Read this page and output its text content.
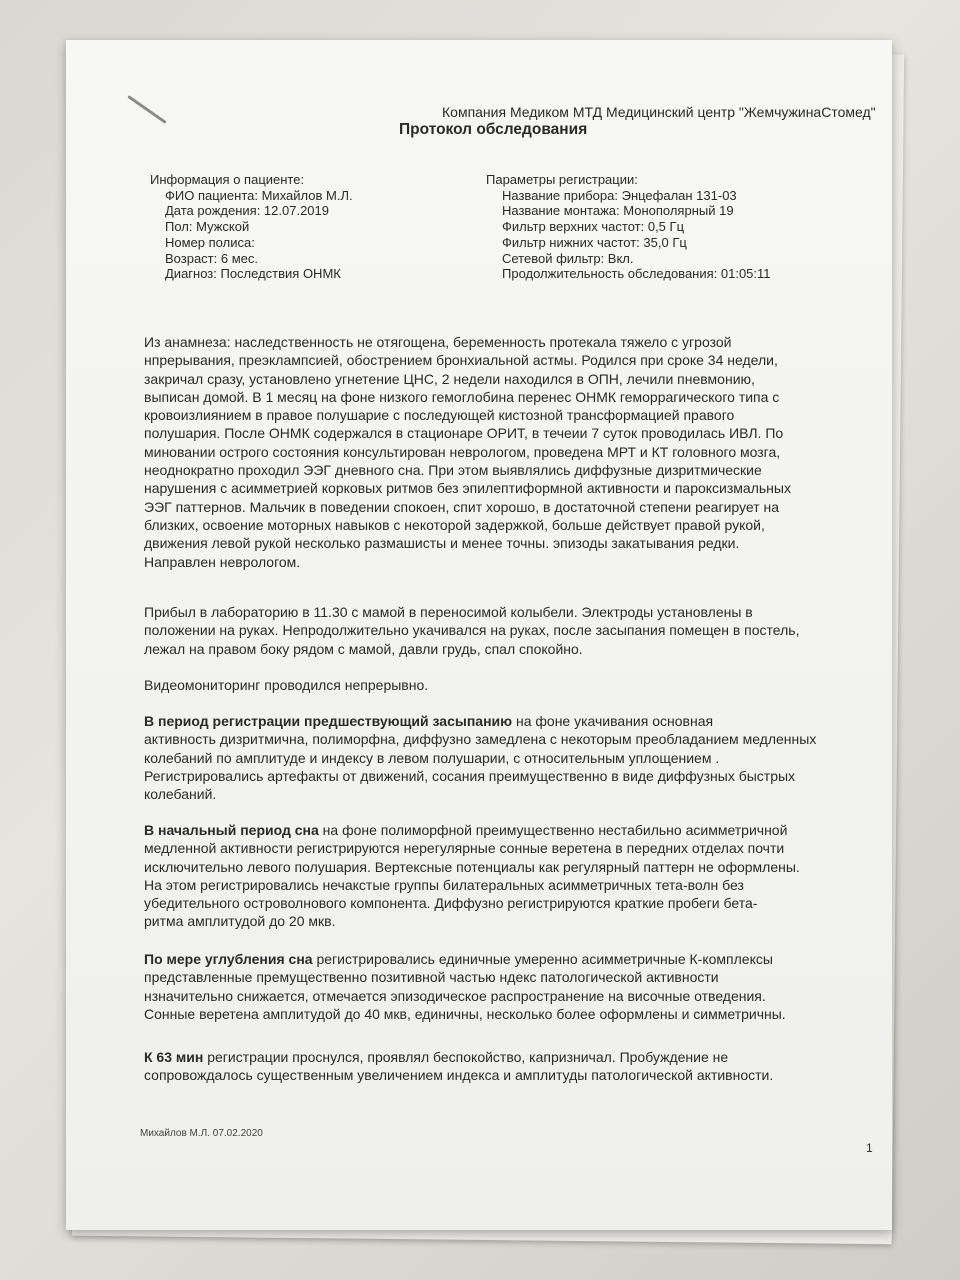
Компания Медиком МТД Медицинский центр "ЖемчужинаСтомед"
Протокол обследования
Информация о пациенте:
ФИО пациента: Михайлов М.Л.
Дата рождения: 12.07.2019
Пол: Мужской
Номер полиса:
Возраст: 6 мес.
Диагноз: Последствия ОНМК
Параметры регистрации:
Название прибора: Энцефалан 131-03
Название монтажа: Монополярный 19
Фильтр верхних частот: 0,5 Гц
Фильтр нижних частот: 35,0 Гц
Сетевой фильтр: Вкл.
Продолжительность обследования: 01:05:11
Из анамнеза: наследственность не отягощена, беременность протекала тяжело с угрозой
нпрерывания, преэклампсией, обострением бронхиальной астмы. Родился при сроке 34 недели,
закричал сразу, установлено угнетение ЦНС, 2 недели находился в ОПН, лечили пневмонию,
выписан домой. В 1 месяц на фоне низкого гемоглобина перенес ОНМК геморрагического типа с
кровоизлиянием в правое полушарие с последующей кистозной трансформацией правого
полушария. После ОНМК содержался в стационаре ОРИТ, в течеии 7 суток проводилась ИВЛ. По
миновании острого состояния консультирован неврологом, проведена МРТ и КТ головного мозга,
неоднократно проходил ЭЭГ дневного сна. При этом выявлялись диффузные дизритмические
нарушения с асимметрией корковых ритмов без эпилептиформной активности и пароксизмальных
ЭЭГ паттернов. Мальчик в поведении спокоен, спит хорошо, в достаточной степени реагирует на
близких, освоение моторных навыков с некоторой задержкой, больше действует правой рукой,
движения левой рукой несколько размашисты и менее точны. эпизоды закатывания редки.
Направлен неврологом.
Прибыл в лабораторию в 11.30 с мамой в переносимой колыбели. Электроды установлены в
положении на руках. Непродолжительно укачивался на руках, после засыпания помещен в постель,
лежал на правом боку рядом с мамой, давли грудь, спал спокойно.
Видеомониторинг проводился непрерывно.
В период регистрации предшествующий засыпанию на фоне укачивания основная
активность дизритмична, полиморфна, диффузно замедлена с некоторым преобладанием медленных
колебаний по амплитуде и индексу в левом полушарии, с относительным уплощением .
Регистрировались артефакты от движений, сосания преимущественно в виде диффузных быстрых
колебаний.
В начальный период сна на фоне полиморфной преимущественно нестабильно асимметричной
медленной активности регистрируются нерегулярные сонные веретена в передних отделах почти
исключительно левого полушария. Вертексные потенциалы как регулярный паттерн не оформлены.
На этом регистрировались нечакстые группы билатеральных асимметричных тета-волн без
убедительного островолнового компонента. Диффузно регистрируются краткие пробеги бета-
ритма амплитудой до 20 мкв.
По мере углубления сна регистрировались единичные умеренно асимметричные К-комплексы
представленные премущественно позитивной частью ндекс патологической активности
нзначительно снижается, отмечается эпизодическое распространение на височные отведения.
Сонные веретена амплитудой до 40 мкв, единичны, несколько более оформлены и симметричны.
К 63 мин регистрации проснулся, проявлял беспокойство, капризничал. Пробуждение не
сопровождалось существенным увеличением индекса и амплитуды патологической активности.
Михайлов М.Л. 07.02.2020
1
